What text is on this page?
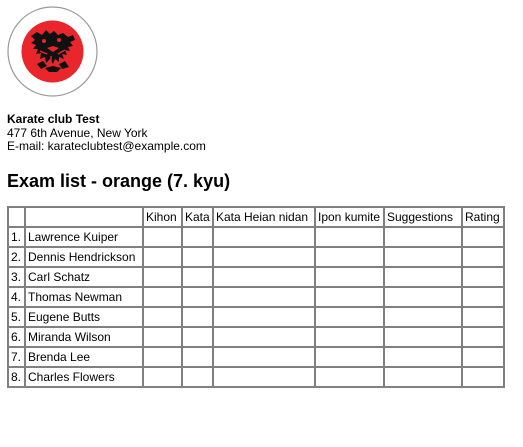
Karate club Test
477 6th Avenue, New York
E-mail: karateclubtest@example.com
Exam list - orange (7. kyu)
		Kihon	Kata	Kata Heian nidan	Ipon kumite	Suggestions	Rating
1.	Lawrence Kuiper						
2.	Dennis Hendrickson						
3.	Carl Schatz						
4.	Thomas Newman						
5.	Eugene Butts						
6.	Miranda Wilson						
7.	Brenda Lee						
8.	Charles Flowers						
